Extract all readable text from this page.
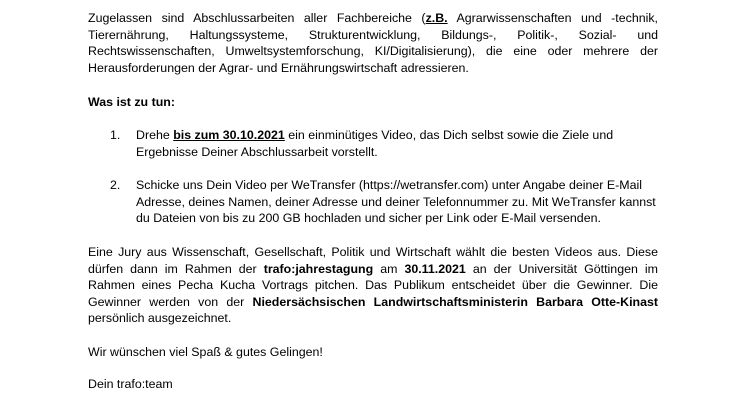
Zugelassen sind Abschlussarbeiten aller Fachbereiche (z.B. Agrarwissenschaften und -technik, Tierernährung, Haltungssysteme, Strukturentwicklung, Bildungs-, Politik-, Sozial- und Rechtswissenschaften, Umweltsystemforschung, KI/Digitalisierung), die eine oder mehrere der Herausforderungen der Agrar- und Ernährungswirtschaft adressieren.

Was ist zu tun:

1.	Drehe bis zum 30.10.2021 ein einminütiges Video, das Dich selbst sowie die Ziele und Ergebnisse Deiner Abschlussarbeit vorstellt.
2.	Schicke uns Dein Video per WeTransfer (https://wetransfer.com) unter Angabe deiner E-Mail Adresse, deines Namen, deiner Adresse und deiner Telefonnummer zu. Mit WeTransfer kannst du Dateien von bis zu 200 GB hochladen und sicher per Link oder E-Mail versenden.

Eine Jury aus Wissenschaft, Gesellschaft, Politik und Wirtschaft wählt die besten Videos aus. Diese dürfen dann im Rahmen der trafo:jahrestagung am 30.11.2021 an der Universität Göttingen im Rahmen eines Pecha Kucha Vortrags pitchen. Das Publikum entscheidet über die Gewinner. Die Gewinner werden von der Niedersächsischen Landwirtschaftsministerin Barbara Otte-Kinast persönlich ausgezeichnet.

Wir wünschen viel Spaß & gutes Gelingen!

Dein trafo:team
